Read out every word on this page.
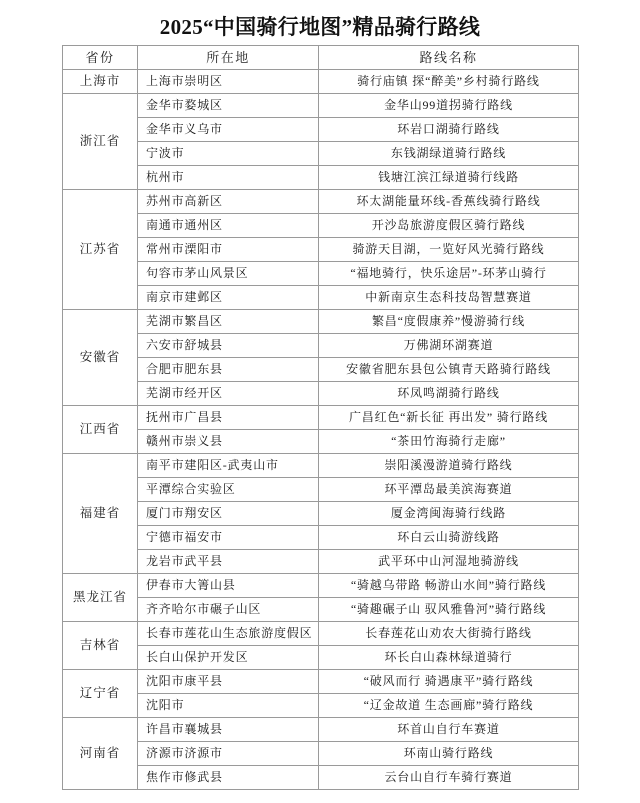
2025“中国骑行地图”精品骑行路线
省份	所在地	路线名称
上海市	上海市崇明区	骑行庙镇 探“醉美”乡村骑行路线
浙江省	金华市婺城区	金华山99道拐骑行路线
	金华市义乌市	环岩口湖骑行路线
	宁波市	东钱湖绿道骑行路线
	杭州市	钱塘江滨江绿道骑行线路
江苏省	苏州市高新区	环太湖能量环线-香蕉线骑行路线
	南通市通州区	开沙岛旅游度假区骑行路线
	常州市溧阳市	骑游天目湖，一览好风光骑行路线
	句容市茅山风景区	“福地骑行，快乐途居”-环茅山骑行
	南京市建邺区	中新南京生态科技岛智慧赛道
安徽省	芜湖市繁昌区	繁昌“度假康养”慢游骑行线
	六安市舒城县	万佛湖环湖赛道
	合肥市肥东县	安徽省肥东县包公镇青天路骑行路线
	芜湖市经开区	环凤鸣湖骑行路线
江西省	抚州市广昌县	广昌红色“新长征 再出发” 骑行路线
	赣州市崇义县	“茶田竹海骑行走廊”
福建省	南平市建阳区-武夷山市	崇阳溪漫游道骑行路线
	平潭综合实验区	环平潭岛最美滨海赛道
	厦门市翔安区	厦金湾闽海骑行线路
	宁德市福安市	环白云山骑游线路
	龙岩市武平县	武平环中山河湿地骑游线
黑龙江省	伊春市大箐山县	“骑越乌带路 畅游山水间”骑行路线
	齐齐哈尔市碾子山区	“骑趣碾子山 驭风雅鲁河”骑行路线
吉林省	长春市莲花山生态旅游度假区	长春莲花山劝农大街骑行路线
	长白山保护开发区	环长白山森林绿道骑行
辽宁省	沈阳市康平县	“破风而行 骑遇康平”骑行路线
	沈阳市	“辽金故道 生态画廊”骑行路线
河南省	许昌市襄城县	环首山自行车赛道
	济源市济源市	环南山骑行路线
	焦作市修武县	云台山自行车骑行赛道
